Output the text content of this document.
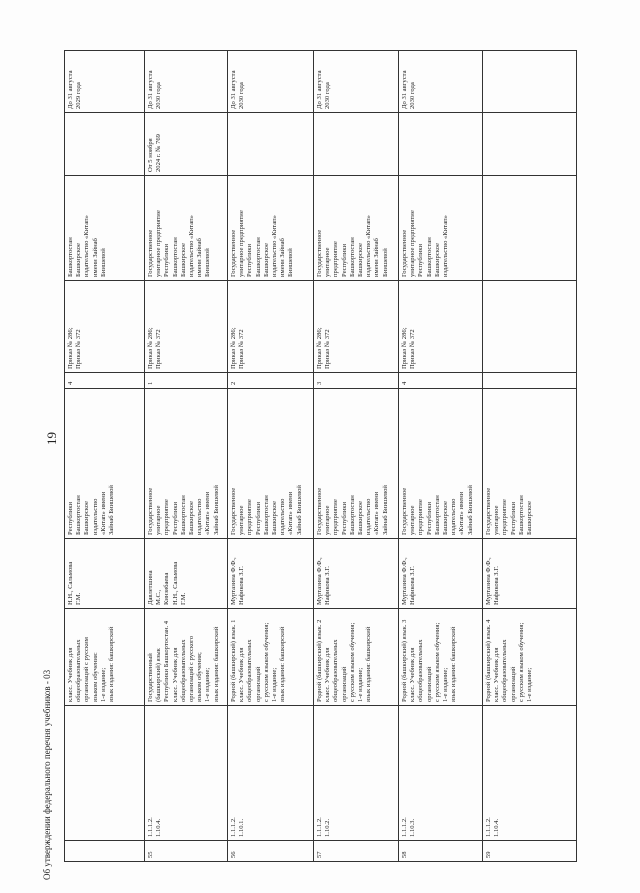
19
Об утверждении федерального перечня учебников - 03 класс. Учебник для
общеобразовательных
организаций с русским
языком обучения:
1-е издание;
язык издания: башкирский
Н.Н., Сальмова
Г.М.
Республики
Башкортостан
Башкирское
издательство
«Китап» имени
Зайнаб Биишевой
4
Приказ № 286;
Приказ № 372
Башкортостан
Башкирское
издательство «Китап»
имени Зайнаб
Биишевой
До 31 августа
2029 года
55
1.1.1.2.
1.10.4.
Государственный
(башкирский) язык
Республики Башкортостан. 4
класс. Учебник для
общеобразовательных
организаций с русского
языком обучения;
1-е издание;
язык издания: башкирский
Давлетшина
М.С.,
Кинзябаева
Н.Н., Сальмова
Г.М.
Государственное
унитарное
предприятие
Республики
Башкортостан
Башкирское
издательство
«Китап» имени
Зайнаб Биишевой
1
Приказ № 286;
Приказ № 372
Государственное
унитарное предприятие
Республики
Башкортостан
Башкирское
издательство «Китап»
имени Зайнаб
Биишевой
От 5 ноября
2024 г. № 769
До 31 августа
2030 года
56
1.1.1.2.
1.10.1.
Родной (башкирский) язык. 1
класс. Учебник для
общеобразовательных
организаций
с русским языком обучения;
1-е издание;
язык издания: башкирский
Муртазина Ф.Ф.,
Нафикова З.Г.
Государственное
унитарное
предприятие
Республики
Башкортостан
Башкирское
издательство
«Китап» имени
Зайнаб Биишевой
2
Приказ № 286;
Приказ № 372
Государственное
унитарное предприятие
Республики
Башкортостан
Башкирское
издательство «Китап»
имени Зайнаб
Биишевой
До 31 августа
2030 года
57
1.1.1.2.
1.10.2.
Родной (башкирский) язык. 2
класс. Учебник для
общеобразовательных
организаций
с русским языком обучения;
1-е издание;
язык издания: башкирский
Муртазина Ф.Ф.,
Нафикова З.Г.
Государственное
унитарное
предприятие
Республики
Башкортостан
Башкирское
издательство
«Китап» имени
Зайнаб Биишевой
3
Приказ № 286;
Приказ № 372
Государственное
унитарное
предприятие
Республики
Башкортостан
Башкирское
издательство «Китап»
имени Зайнаб
Биишевой
До 31 августа
2030 года
58
1.1.1.2.
1.10.3.
Родной (башкирский) язык. 3
класс. Учебник для
общеобразовательных
организаций
с русским языком обучения;
1-е издание;
язык издания: башкирский
Муртазина Ф.Ф.,
Нафикова З.Г.
Государственное
унитарное
предприятие
Республики
Башкортостан
Башкирское
издательство
«Китап» имени
Зайнаб Биишевой
4
Приказ № 286;
Приказ № 372
Государственное
унитарное предприятие
Республики
Башкортостан
Башкирское
издательство «Китап»
До 31 августа
2030 года
59
1.1.1.2.
1.10.4.
Родной (башкирский) язык. 4
класс. Учебник для
общеобразовательных
организаций
с русским языком обучения;
1-е издание;
Муртазина Ф.Ф.,
Нафикова З.Г.
Государственное
унитарное
предприятие
Республики
Башкортостан
Башкирское
